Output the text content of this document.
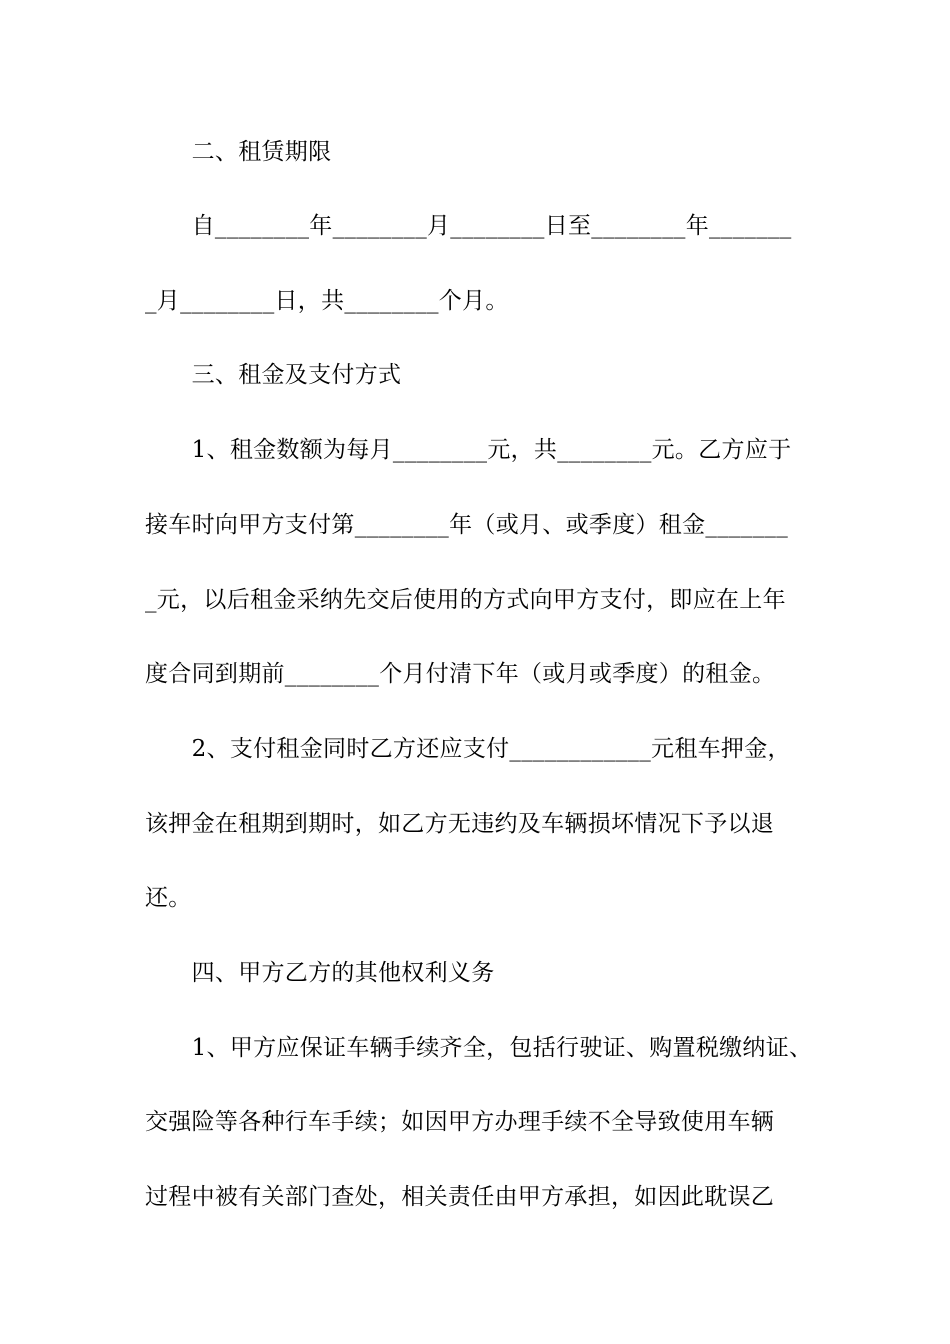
　　二、租赁期限

　　自________年________月________日至________年_______

_月________日，共________个月。

　　三、租金及支付方式

　　1、租金数额为每月________元，共________元。乙方应于

接车时向甲方支付第________年（或月、或季度）租金_______

_元，以后租金采纳先交后使用的方式向甲方支付，即应在上年

度合同到期前________个月付清下年（或月或季度）的租金。

　　2、支付租金同时乙方还应支付____________元租车押金，

该押金在租期到期时，如乙方无违约及车辆损坏情况下予以退

还。

　　四、甲方乙方的其他权利义务

　　1、甲方应保证车辆手续齐全，包括行驶证、购置税缴纳证、

交强险等各种行车手续；如因甲方办理手续不全导致使用车辆

过程中被有关部门查处，相关责任由甲方承担，如因此耽误乙
